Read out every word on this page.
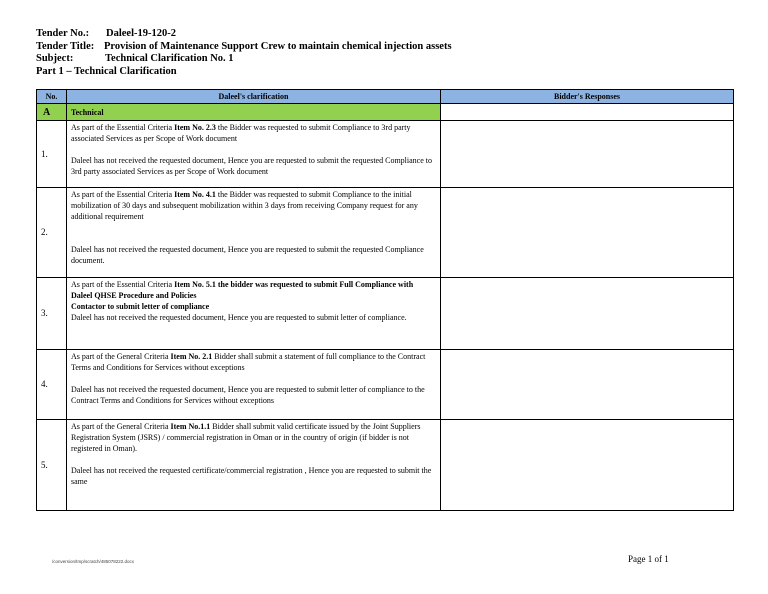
Tender No.: Daleel-19-120-2
Tender Title: Provision of Maintenance Support Crew to maintain chemical injection assets
Subject:	Technical Clarification No. 1
Part 1 – Technical Clarification
No.	Daleel's clarification	Bidder's Responses
A	Technical	
1.	As part of the Essential Criteria Item No. 2.3 the Bidder was requested to submit Compliance to 3rd party associated Services as per Scope of Work document

Daleel has not received the requested document, Hence you are requested to submit the requested Compliance to 3rd party associated Services as per Scope of Work document	

2.	As part of the Essential Criteria Item No. 4.1 the Bidder was requested to submit Compliance to the initial mobilization of 30 days and subsequent mobilization within 3 days from receiving Company request for any additional requirement

Daleel has not received the requested document, Hence you are requested to submit the requested Compliance document.	

3.	As part of the Essential Criteria Item No. 5.1 the bidder was requested to submit Full Compliance with Daleel QHSE Procedure and Policies

Contactor to submit letter of compliance

Daleel has not received the requested document, Hence you are requested to submit letter of compliance.	

4.	As part of the General Criteria Item No. 2.1 Bidder shall submit a statement of full compliance to the Contract Terms and Conditions for Services without exceptions

Daleel has not received the requested document, Hence you are requested to submit letter of compliance to the Contract Terms and Conditions for Services without exceptions	

5.	As part of the General Criteria Item No.1.1 Bidder shall submit valid certificate issued by the Joint Suppliers Registration System (JSRS) / commercial registration in Oman or in the country of origin (if bidder is not registered in Oman).

Daleel has not received the requested certificate/commercial registration , Hence you are requested to submit the same	

/conversion/tmp/scratch/485078222.docx	Page 1 of 1
